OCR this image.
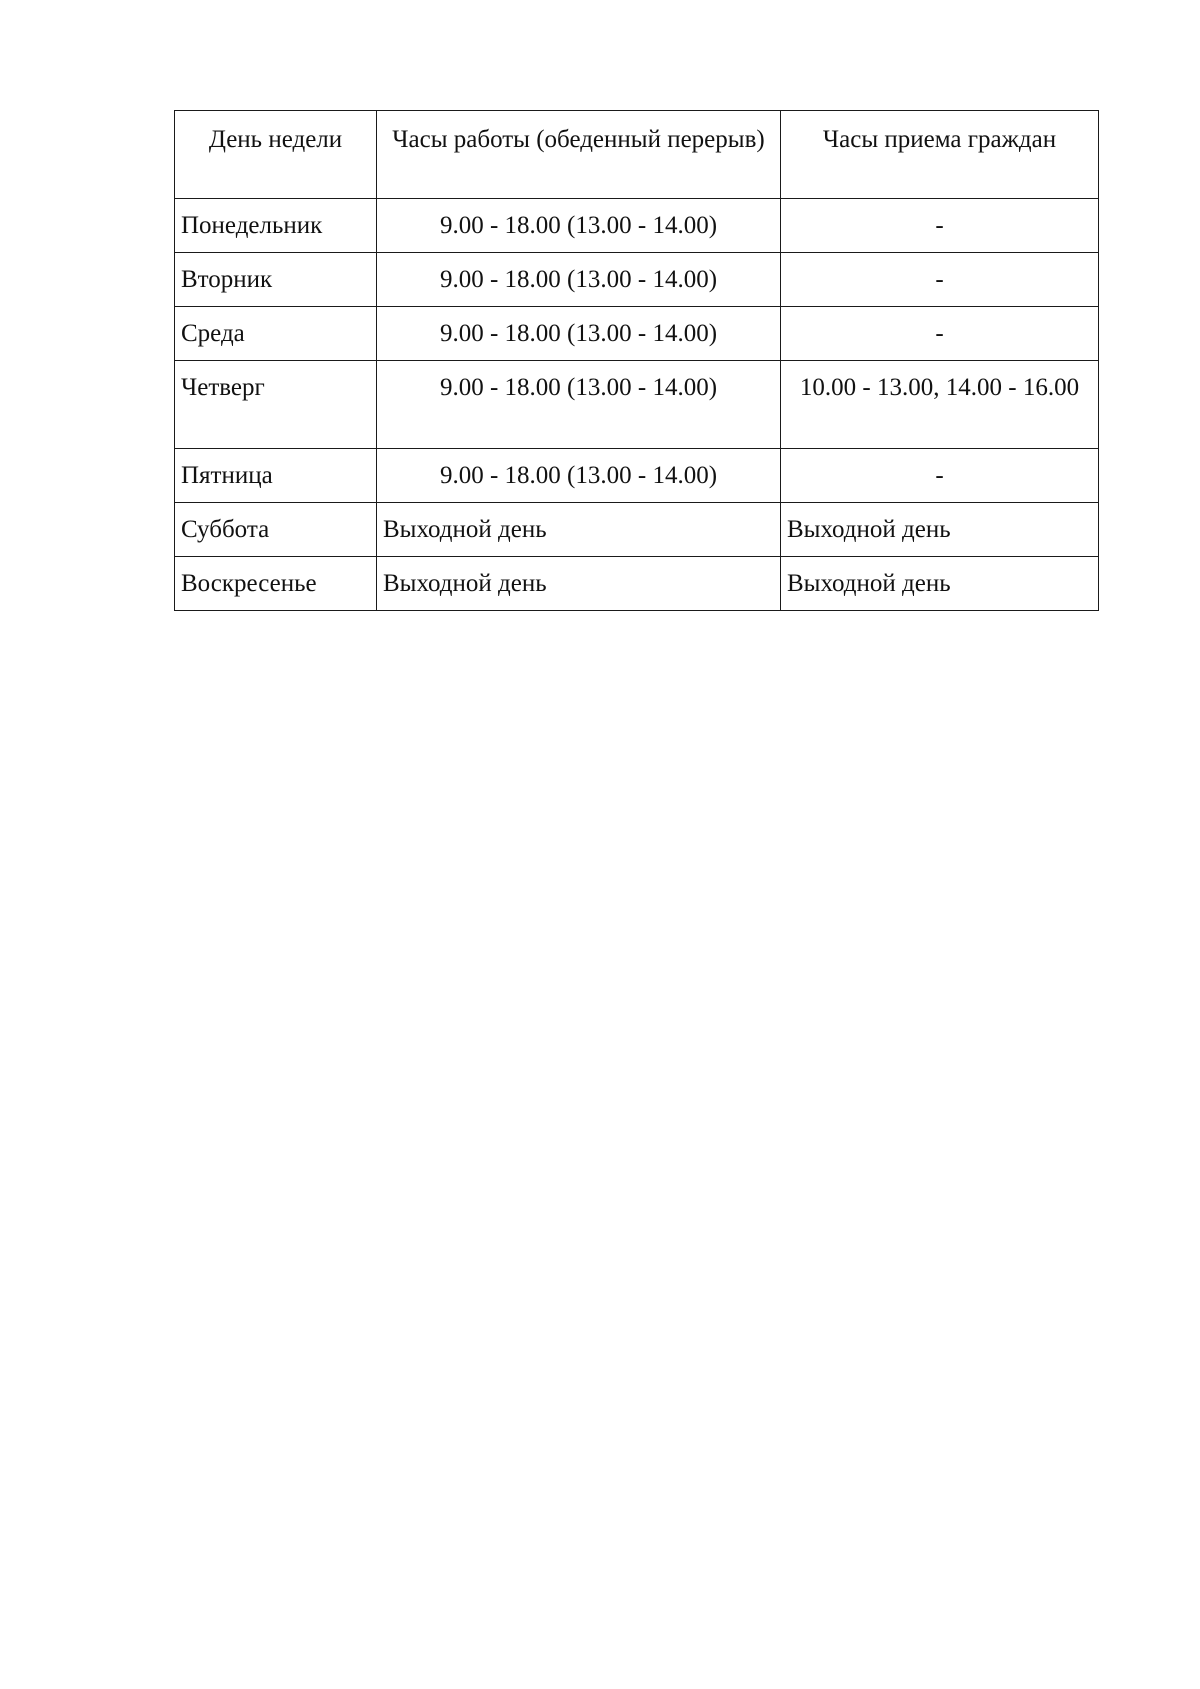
День недели	Часы работы (обеденный перерыв)	Часы приема граждан
Понедельник	9.00 - 18.00 (13.00 - 14.00)	-
Вторник	9.00 - 18.00 (13.00 - 14.00)	-
Среда	9.00 - 18.00 (13.00 - 14.00)	-
Четверг	9.00 - 18.00 (13.00 - 14.00)	10.00 - 13.00, 14.00 - 16.00
Пятница	9.00 - 18.00 (13.00 - 14.00)	-
Суббота	Выходной день	Выходной день
Воскресенье	Выходной день	Выходной день
